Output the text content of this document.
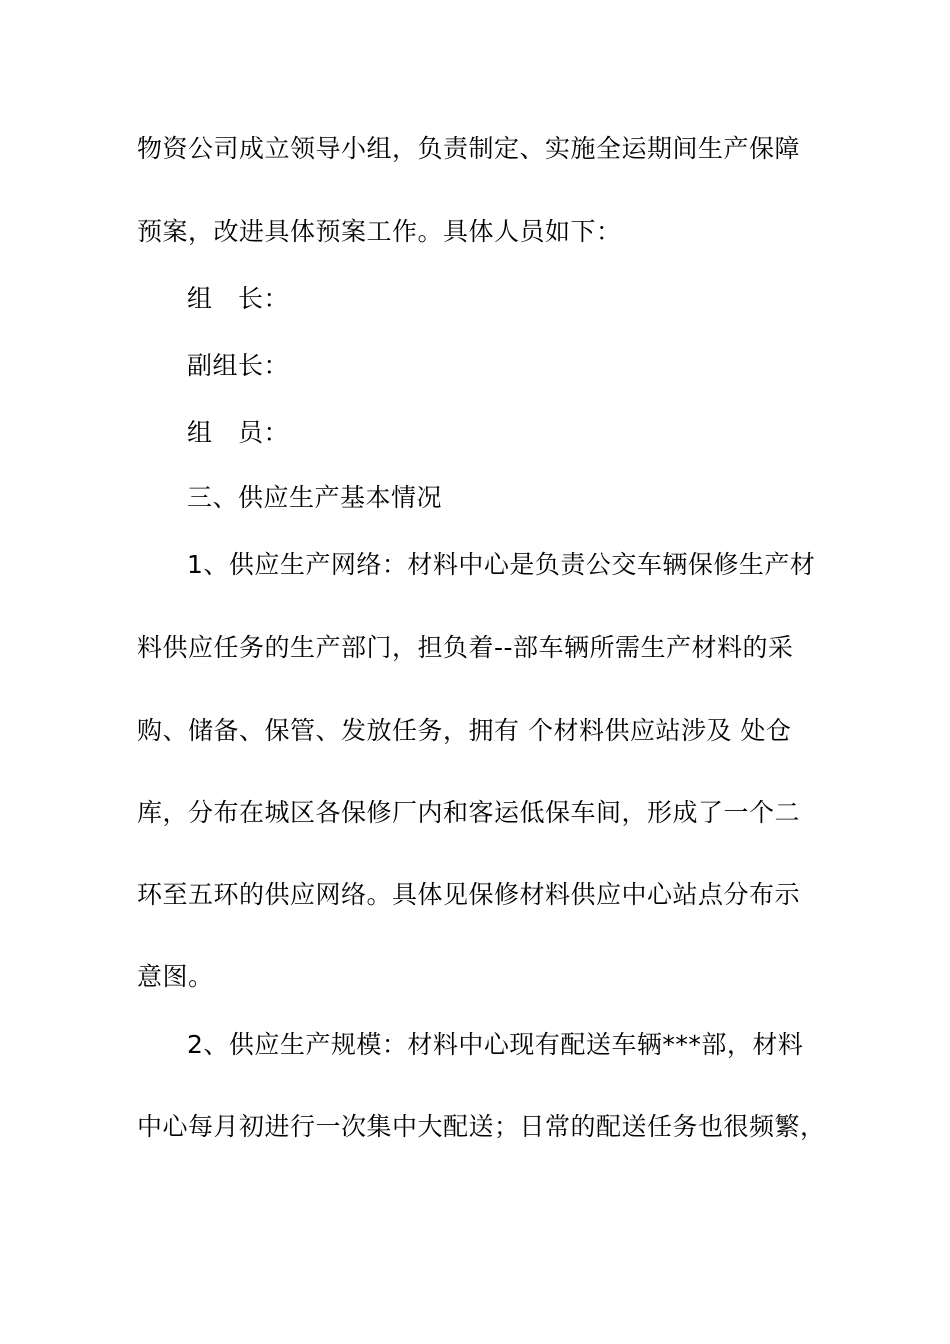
物资公司成立领导小组，负责制定、实施全运期间生产保障
预案，改进具体预案工作。具体人员如下：
组　长：
副组长：
组　员：
三、供应生产基本情况
1、供应生产网络：材料中心是负责公交车辆保修生产材
料供应任务的生产部门，担负着--部车辆所需生产材料的采
购、储备、保管、发放任务，拥有 个材料供应站涉及 处仓
库，分布在城区各保修厂内和客运低保车间，形成了一个二
环至五环的供应网络。具体见保修材料供应中心站点分布示
意图。
2、供应生产规模：材料中心现有配送车辆***部，材料
中心每月初进行一次集中大配送；日常的配送任务也很频繁，
